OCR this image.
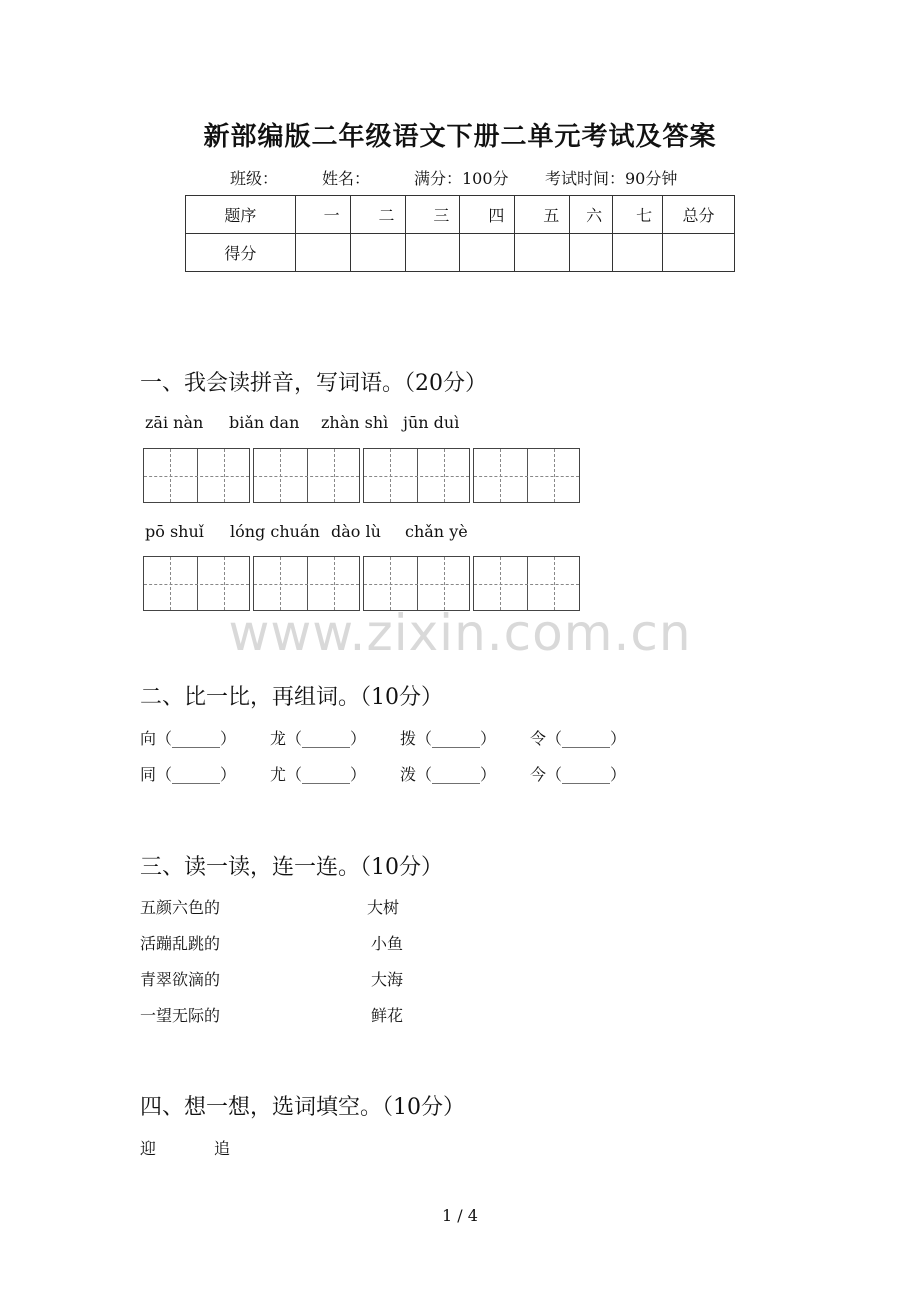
新部编版二年级语文下册二单元考试及答案
班级：	姓名：	满分：100分 考试时间：90分钟
题序	一	二	三	四	五	六	七	总分
得分								
一、我会读拼音，写词语。（20分）
zāi nàn biǎn dan zhàn shì jūn duì
pō shuǐ lóng chuán dào lù chǎn yè
www.zixin.com.cn
二、比一比，再组词。（10分）
向（______） 龙（______） 拨（______） 令（______）
同（______） 尤（______） 泼（______） 今（______）
三、读一读，连一连。（10分）
五颜六色的	大树
活蹦乱跳的	小鱼
青翠欲滴的	大海
一望无际的	鲜花
四、想一想，选词填空。（10分）
迎	追
1 / 4
